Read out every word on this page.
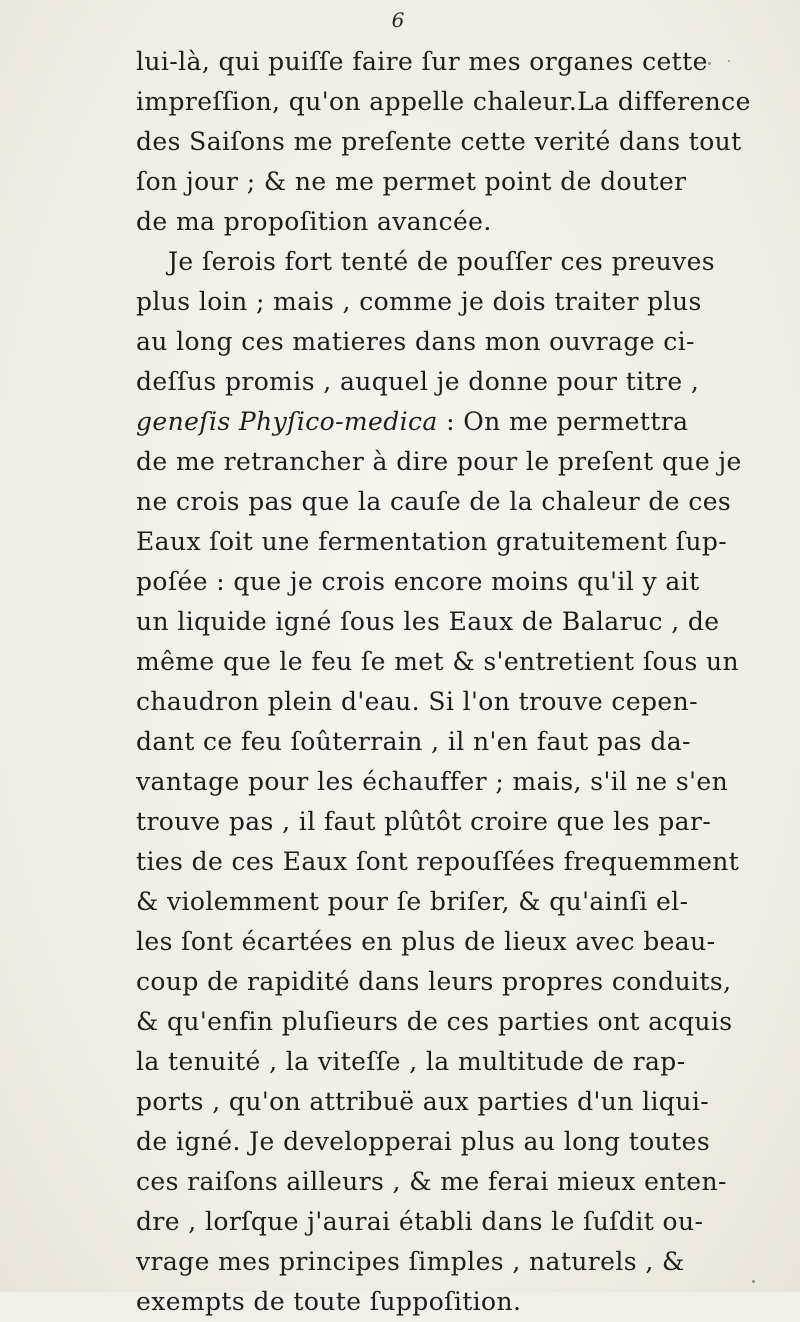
6
lui-là, qui puiſſe faire ſur mes organes cette
impreſſion, qu'on appelle chaleur.La difference
des Saiſons me preſente cette verité dans tout
ſon jour ; & ne me permet point de douter
de ma propoſition avancée.
Je ſerois fort tenté de pouſſer ces preuves
plus loin ; mais , comme je dois traiter plus
au long ces matieres dans mon ouvrage ci-
deſſus promis , auquel je donne pour titre ,
geneſis Phyſico-medica : On me permettra
de me retrancher à dire pour le preſent que je
ne crois pas que la cauſe de la chaleur de ces
Eaux ſoit une fermentation gratuitement ſup-
poſée : que je crois encore moins qu'il y ait
un liquide igné ſous les Eaux de Balaruc , de
même que le feu ſe met & s'entretient ſous un
chaudron plein d'eau. Si l'on trouve cepen-
dant ce feu ſoûterrain , il n'en faut pas da-
vantage pour les échauffer ; mais, s'il ne s'en
trouve pas , il faut plûtôt croire que les par-
ties de ces Eaux ſont repouſſées frequemment
& violemment pour ſe briſer, & qu'ainſi el-
les ſont écartées en plus de lieux avec beau-
coup de rapidité dans leurs propres conduits,
& qu'enfin pluſieurs de ces parties ont acquis
la tenuité , la viteſſe , la multitude de rap-
ports , qu'on attribuë aux parties d'un liqui-
de igné. Je developperai plus au long toutes
ces raiſons ailleurs , & me ferai mieux enten-
dre , lorſque j'aurai établi dans le ſuſdit ou-
vrage mes principes ſimples , naturels , &
exempts de toute ſuppoſition.
